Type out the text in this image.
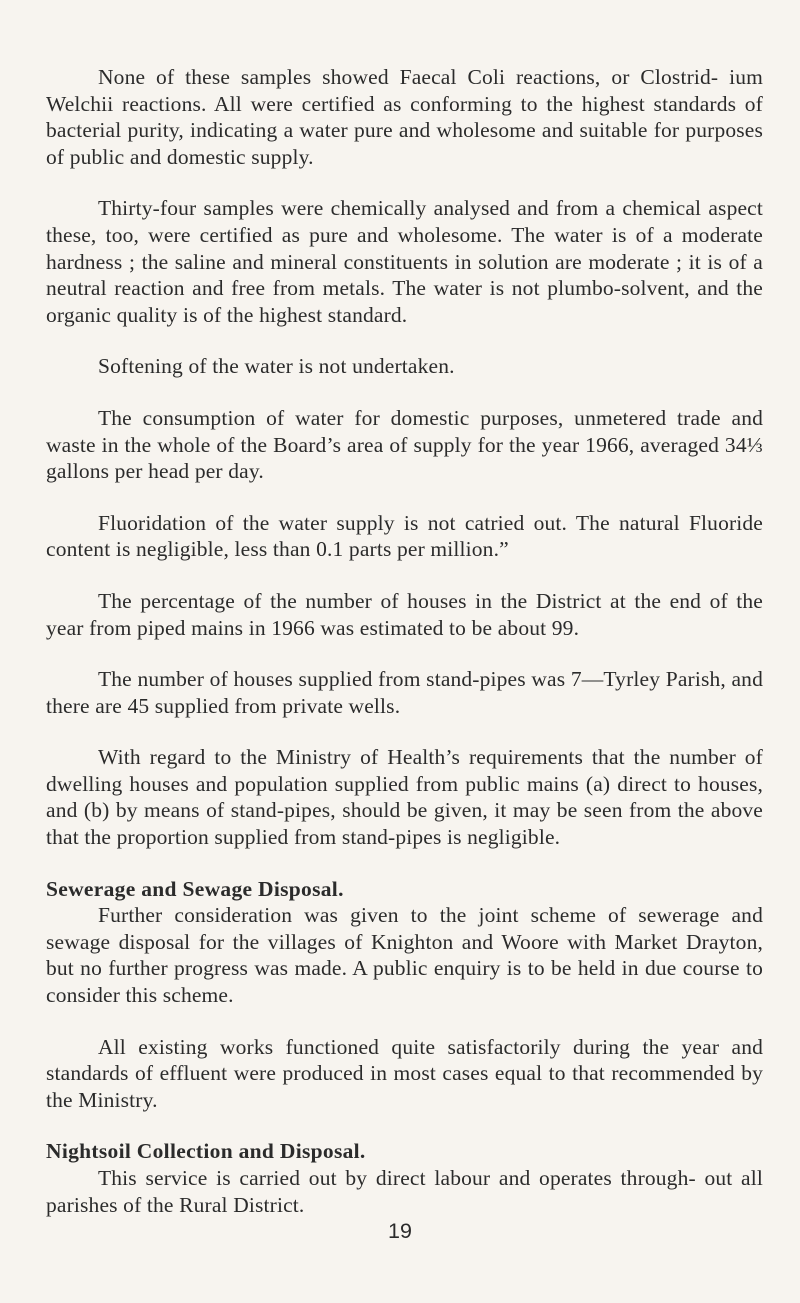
None of these samples showed Faecal Coli reactions, or Clostrid- ium Welchii reactions. All were certified as conforming to the highest standards of bacterial purity, indicating a water pure and wholesome and suitable for purposes of public and domestic supply.

Thirty-four samples were chemically analysed and from a chemical aspect these, too, were certified as pure and wholesome. The water is of a moderate hardness ; the saline and mineral constituents in solution are moderate ; it is of a neutral reaction and free from metals. The water is not plumbo-solvent, and the organic quality is of the highest standard.

Softening of the water is not undertaken.

The consumption of water for domestic purposes, unmetered trade and waste in the whole of the Board’s area of supply for the year 1966, averaged 34⅓ gallons per head per day.

Fluoridation of the water supply is not catried out. The natural Fluoride content is negligible, less than 0.1 parts per million.”

The percentage of the number of houses in the District at the end of the year from piped mains in 1966 was estimated to be about 99.

The number of houses supplied from stand-pipes was 7—Tyrley Parish, and there are 45 supplied from private wells.

With regard to the Ministry of Health’s requirements that the number of dwelling houses and population supplied from public mains (a) direct to houses, and (b) by means of stand-pipes, should be given, it may be seen from the above that the proportion supplied from stand-pipes is negligible.

Sewerage and Sewage Disposal.

Further consideration was given to the joint scheme of sewerage and sewage disposal for the villages of Knighton and Woore with Market Drayton, but no further progress was made. A public enquiry is to be held in due course to consider this scheme.

All existing works functioned quite satisfactorily during the year and standards of effluent were produced in most cases equal to that recommended by the Ministry.

Nightsoil Collection and Disposal.

This service is carried out by direct labour and operates through- out all parishes of the Rural District.

19
